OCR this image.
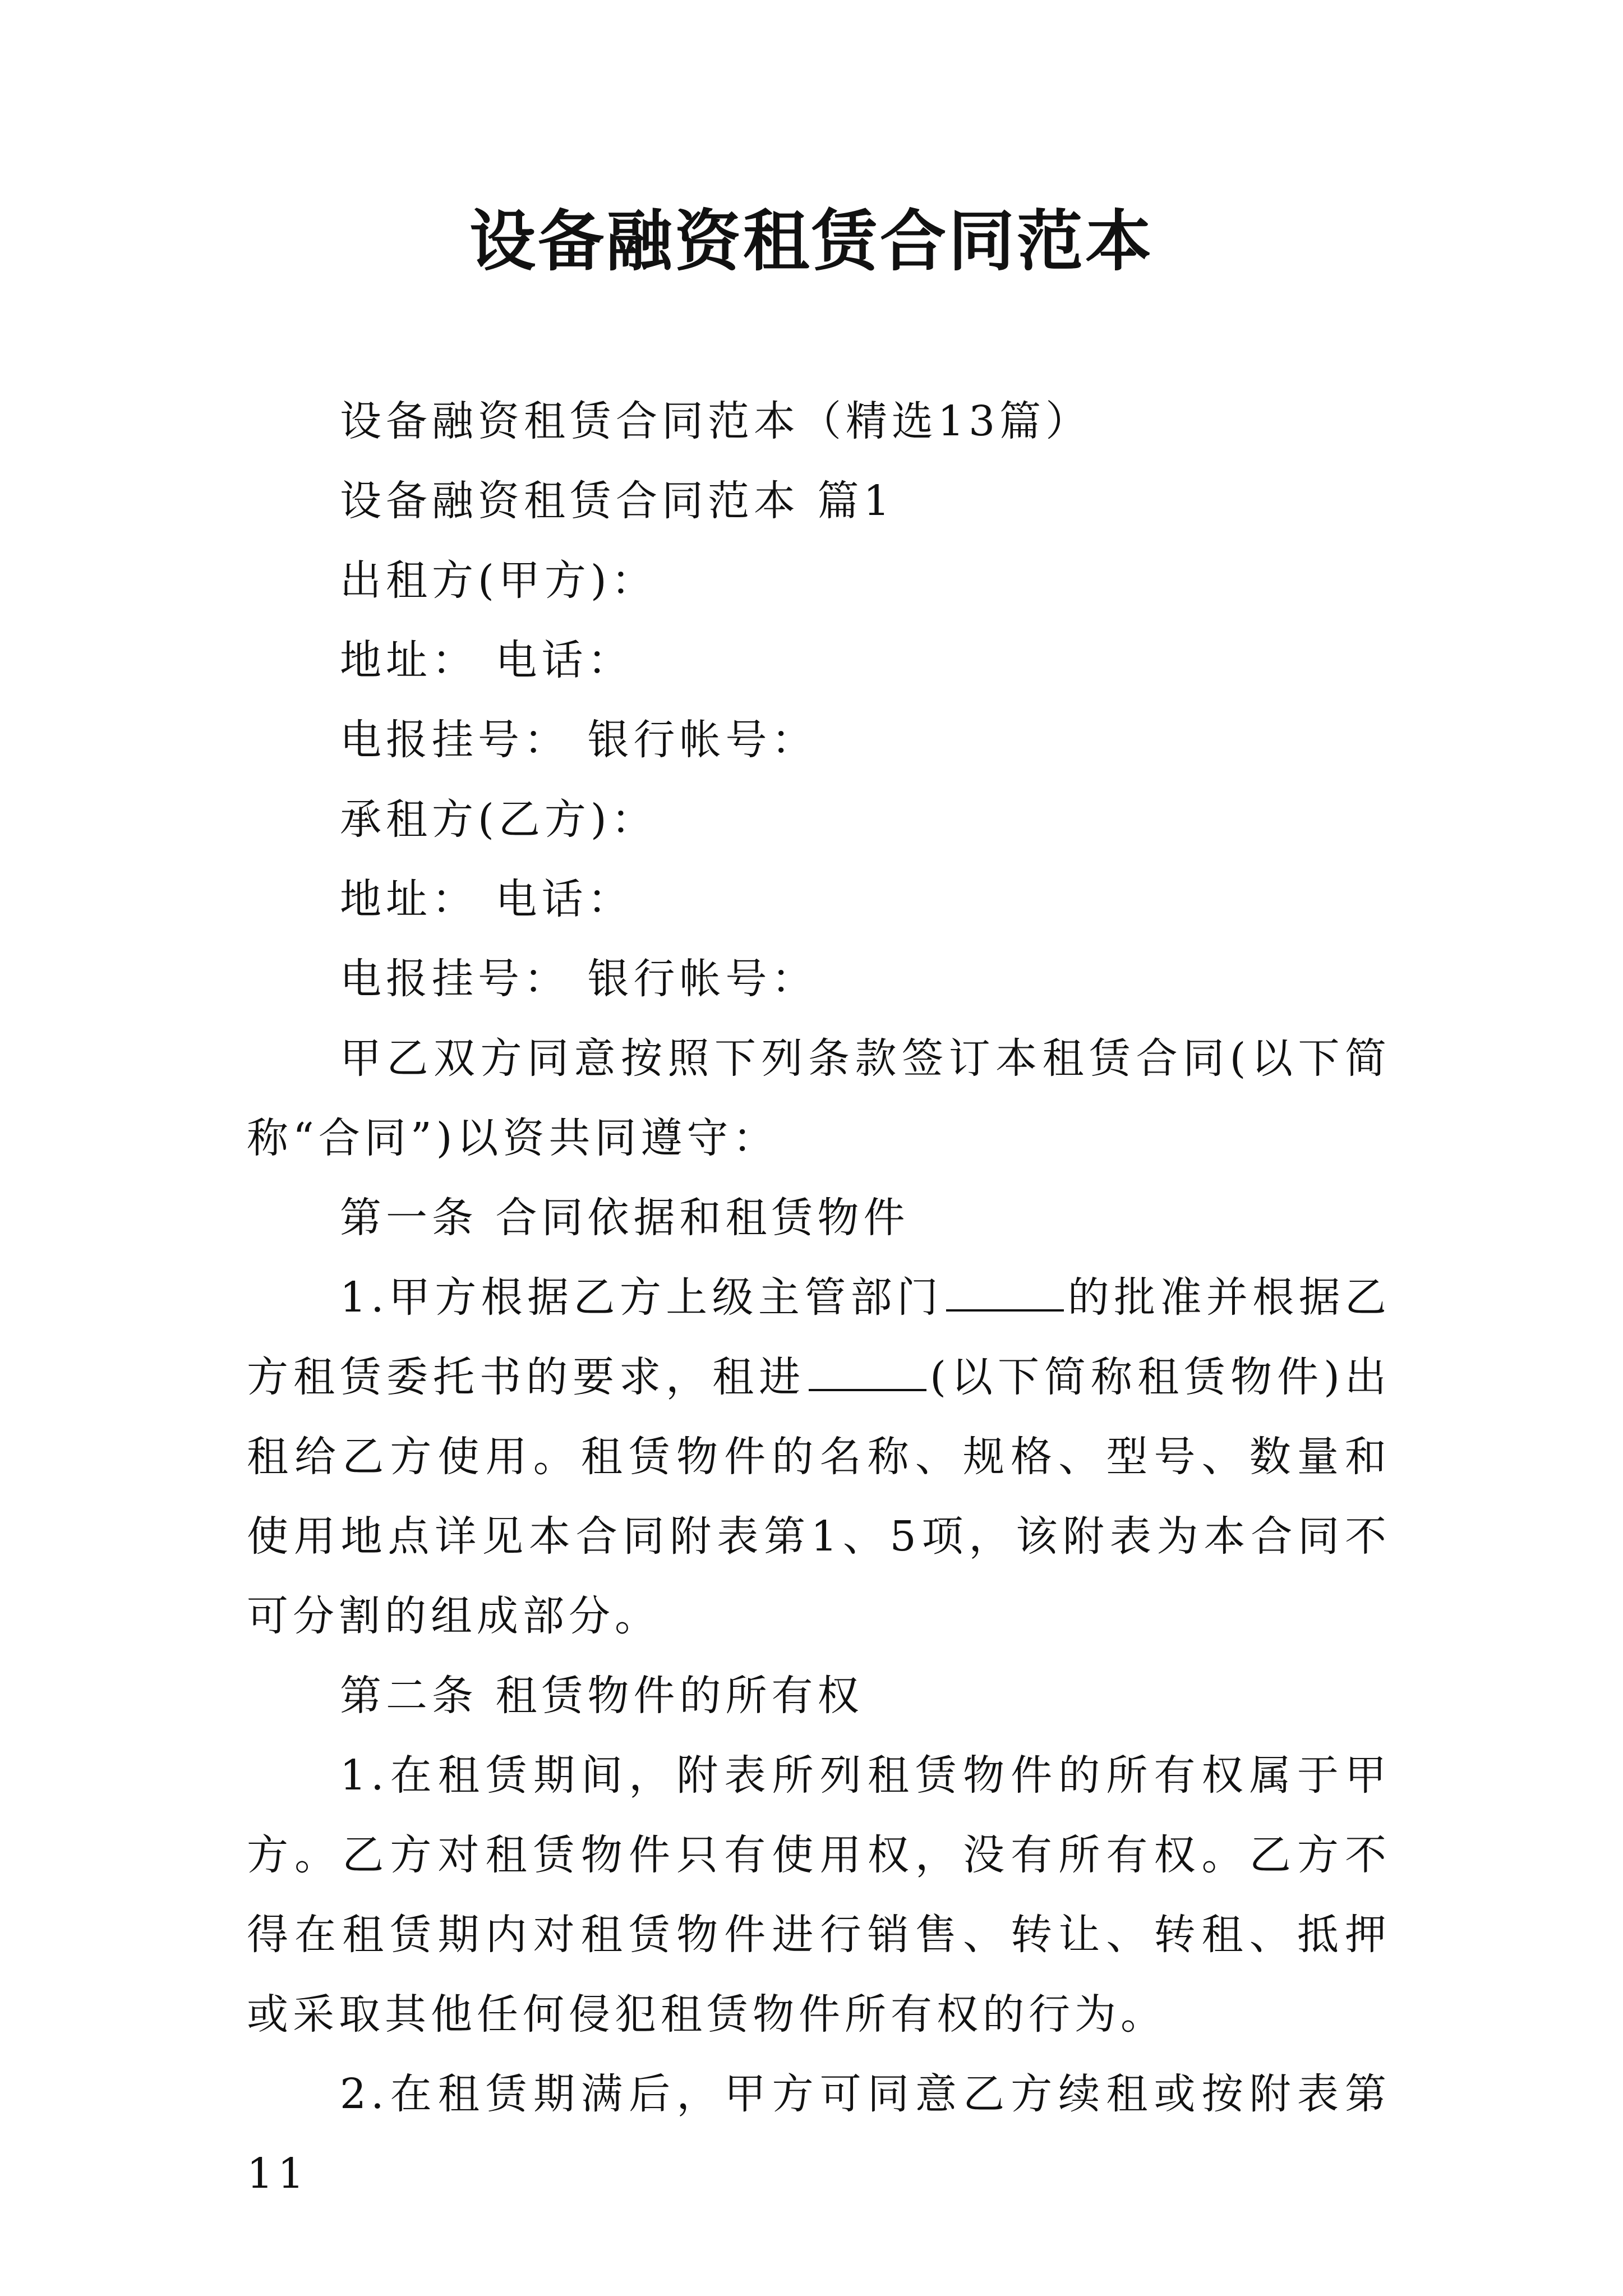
设备融资租赁合同范本

设备融资租赁合同范本（精选13篇）

设备融资租赁合同范本 篇1

出租方(甲方)：

地址： 电话：

电报挂号： 银行帐号：

承租方(乙方)：

地址： 电话：

电报挂号： 银行帐号：

甲乙双方同意按照下列条款签订本租赁合同(以下简称“合同”)以资共同遵守：

第一条 合同依据和租赁物件

1.甲方根据乙方上级主管部门	的批准并根据乙方租赁委托书的要求，租进	(以下简称租赁物件)出租给乙方使用。租赁物件的名称、规格、型号、数量和使用地点详见本合同附表第1、5项，该附表为本合同不可分割的组成部分。

第二条 租赁物件的所有权

1.在租赁期间，附表所列租赁物件的所有权属于甲方。乙方对租赁物件只有使用权，没有所有权。乙方不得在租赁期内对租赁物件进行销售、转让、转租、抵押或采取其他任何侵犯租赁物件所有权的行为。

2.在租赁期满后，甲方可同意乙方续租或按附表第11
